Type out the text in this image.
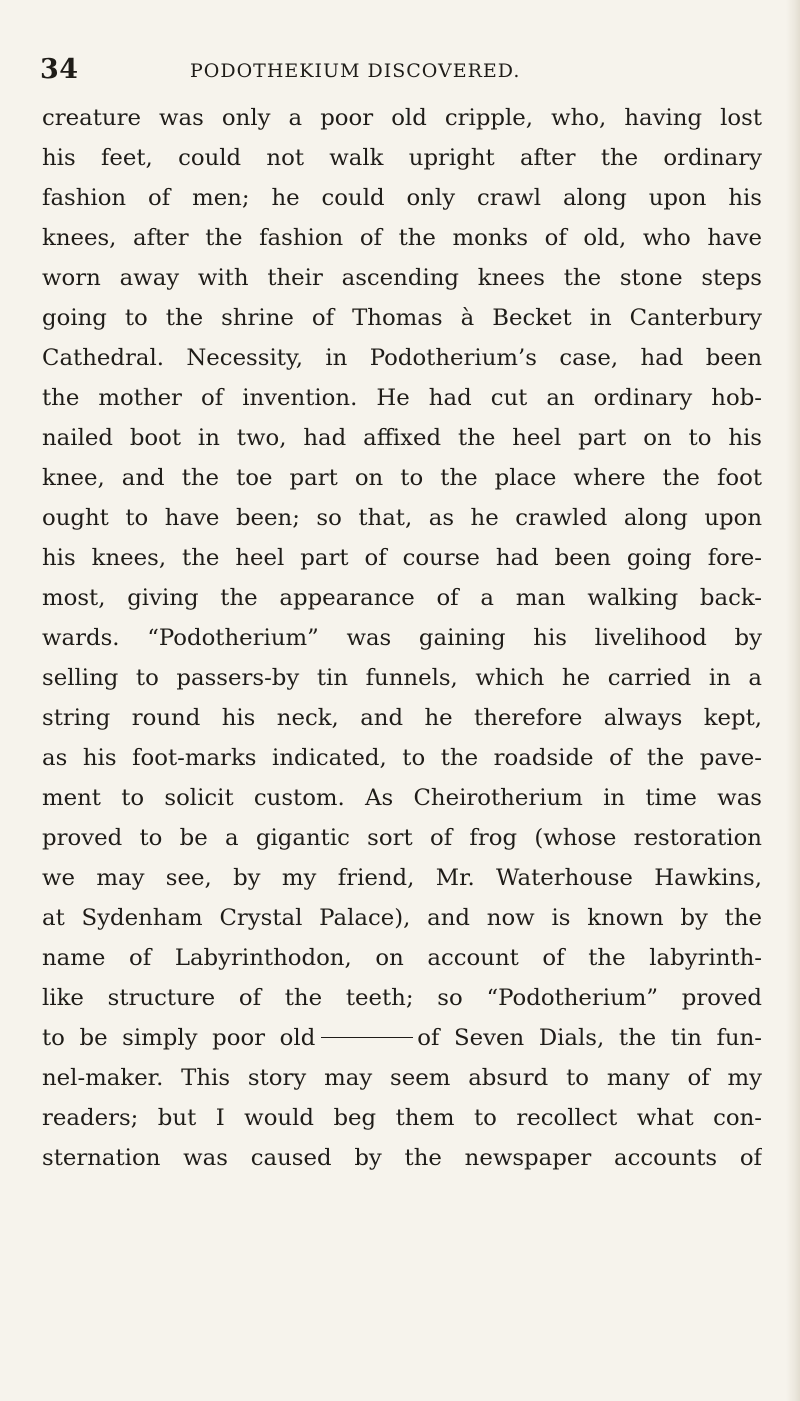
34	PODOTHEKIUM DISCOVERED.
creature was only a poor old cripple, who, having lost
his feet, could not walk upright after the ordinary
fashion of men; he could only crawl along upon his
knees, after the fashion of the monks of old, who have
worn away with their ascending knees the stone steps
going to the shrine of Thomas à Becket in Canterbury
Cathedral. Necessity, in Podotherium’s case, had been
the mother of invention. He had cut an ordinary hob-
nailed boot in two, had affixed the heel part on to his
knee, and the toe part on to the place where the foot
ought to have been; so that, as he crawled along upon
his knees, the heel part of course had been going fore-
most, giving the appearance of a man walking back-
wards. “Podotherium” was gaining his livelihood by
selling to passers-by tin funnels, which he carried in a
string round his neck, and he therefore always kept,
as his foot-marks indicated, to the roadside of the pave-
ment to solicit custom. As Cheirotherium in time was
proved to be a gigantic sort of frog (whose restoration
we may see, by my friend, Mr. Waterhouse Hawkins,
at Sydenham Crystal Palace), and now is known by the
name of Labyrinthodon, on account of the labyrinth-
like structure of the teeth; so “Podotherium” proved
to be simply poor old	of Seven Dials, the tin fun-
nel-maker. This story may seem absurd to many of my
readers; but I would beg them to recollect what con-
sternation was caused by the newspaper accounts of
